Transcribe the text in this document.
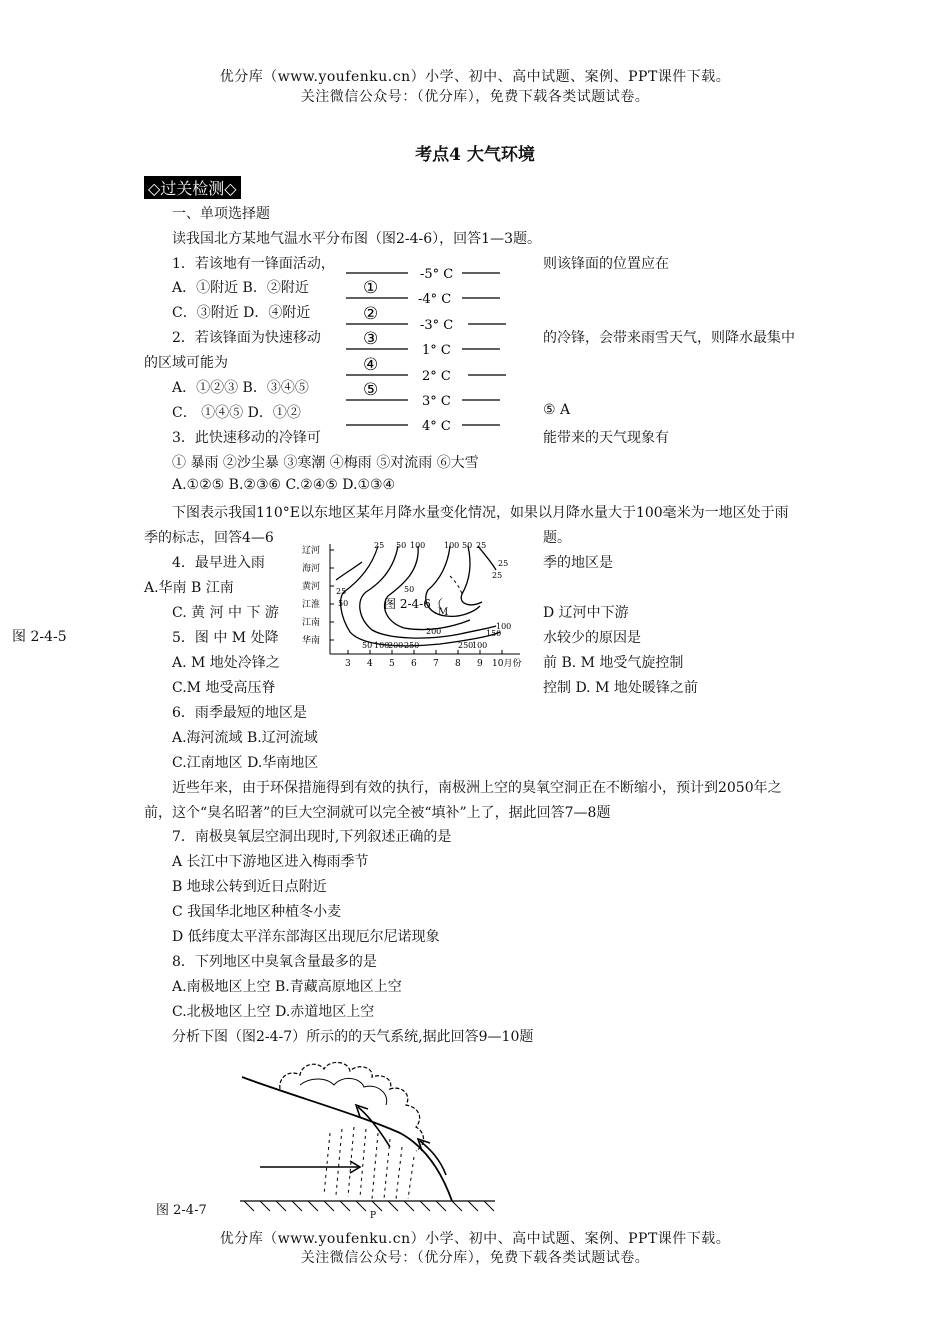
优分库（www.youfenku.cn）小学、初中、高中试题、案例、PPT课件下载。
关注微信公众号：（优分库），免费下载各类试题试卷。
考点4 大气环境
◇过关检测◇
一、单项选择题
读我国北方某地气温水平分布图（图2-4-6），回答1—3题。
1．若该地有一锋面活动，	则该锋面的位置应在
A．①附近 B．②附近
C．③附近 D．④附近
2．若该锋面为快速移动	的冷锋，会带来雨雪天气，则降水最集中
的区域可能为
A．①②③ B．③④⑤
C． ①④⑤ D．①②	⑤ A
3．此快速移动的冷锋可	能带来的天气现象有
① 暴雨 ②沙尘暴 ③寒潮 ④梅雨 ⑤对流雨 ⑥大雪
A.①②⑤ B.②③⑥ C.②④⑤ D.①③④
-5° C
-4° C
-3° C
1° C
2° C
3° C
4° C
①
②
③
④
⑤
下图表示我国110°E以东地区某年月降水量变化情况，如果以月降水量大于100毫米为一地区处于雨
季的标志，回答4—6	题。
4．最早进入雨	季的地区是
A.华南 B 江南
C. 黄 河 中 下 游	D 辽河中下游
图 2-4-5	5．图 中 M 处降	水较少的原因是
A. M 地处冷锋之	前 B. M 地受气旋控制
C.M 地受高压脊	控制 D. M 地处暖锋之前
辽河
海河
黄河
江淮
江南
华南
3 4 5 6 7 8 9 10月份
25 50 100 100 50 25
25
25
50
50 100
200 250
200
250
100
150
100
50
25
M
图 2-4-6（
6．雨季最短的地区是
A.海河流域 B.辽河流域
C.江南地区 D.华南地区
近些年来，由于环保措施得到有效的执行，南极洲上空的臭氧空洞正在不断缩小，预计到2050年之
前，这个“臭名昭著”的巨大空洞就可以完全被“填补”上了，据此回答7—8题
7．南极臭氧层空洞出现时,下列叙述正确的是
A 长江中下游地区进入梅雨季节
B 地球公转到近日点附近
C 我国华北地区种植冬小麦
D 低纬度太平洋东部海区出现厄尔尼诺现象
8．下列地区中臭氧含量最多的是
A.南极地区上空 B.青藏高原地区上空
C.北极地区上空 D.赤道地区上空
分析下图（图2-4-7）所示的的天气系统,据此回答9—10题
P
图 2-4-7
优分库（www.youfenku.cn）小学、初中、高中试题、案例、PPT课件下载。
关注微信公众号：（优分库），免费下载各类试题试卷。
